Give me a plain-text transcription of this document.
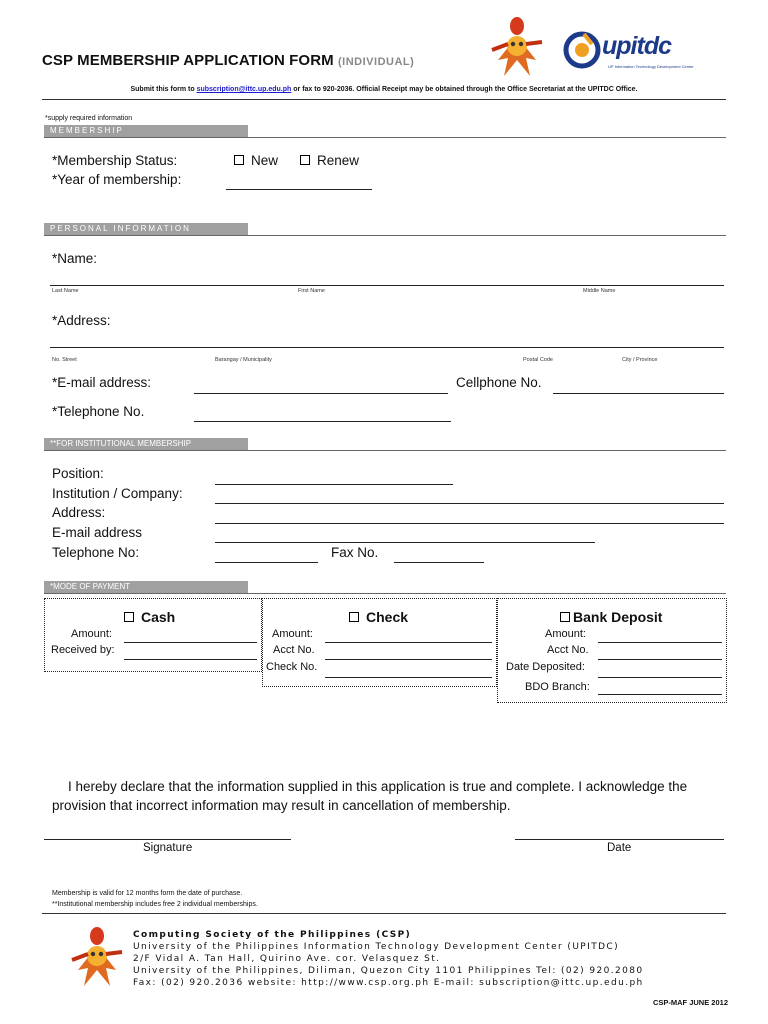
CSP MEMBERSHIP APPLICATION FORM (INDIVIDUAL)
upitdc
UP Information Technology Development Center
Submit this form to subscription@ittc.up.edu.ph or fax to 920-2036. Official Receipt may be obtained through the Office Secretariat at the UPITDC Office.
*supply required information
MEMBERSHIP
*Membership Status:	New	Renew
*Year of membership:
PERSONAL INFORMATION
*Name:
Last Name	First Name	Middle Name
*Address:
No. Street	Barangay / Municipality	Postal Code	City / Province
*E-mail address:	Cellphone No.
*Telephone No.
**FOR INSTITUTIONAL MEMBERSHIP
Position:
Institution / Company:
Address:
E-mail address
Telephone No:	Fax No.
*MODE OF PAYMENT
Cash
Amount:
Received by:
Check
Amount:
Acct No.
Check No.
Bank Deposit
Amount:
Acct No.
Date Deposited:
BDO Branch:
I hereby declare that the information supplied in this application is true and complete. I acknowledge the provision that incorrect information may result in cancellation of membership.
Signature	Date
Membership is valid for 12 months form the date of purchase.
**Institutional membership includes free 2 individual memberships.
Computing Society of the Philippines (CSP)
University of the Philippines Information Technology Development Center (UPITDC)
2/F Vidal A. Tan Hall, Quirino Ave. cor. Velasquez St.
University of the Philippines, Diliman, Quezon City 1101 Philippines Tel: (02) 920.2080
Fax: (02) 920.2036 website: http://www.csp.org.ph E-mail: subscription@ittc.up.edu.ph
CSP-MAF JUNE 2012
